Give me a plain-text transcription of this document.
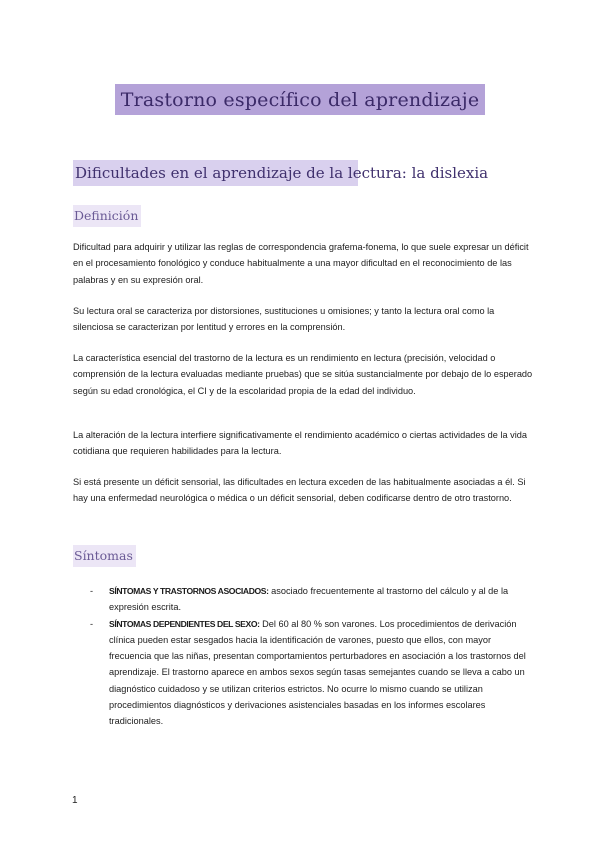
Trastorno específico del aprendizaje
Dificultades en el aprendizaje de la lectura: la dislexia
Definición

Dificultad para adquirir y utilizar las reglas de correspondencia grafema-fonema, lo que suele expresar un déficit en el procesamiento fonológico y conduce habitualmente a una mayor dificultad en el reconocimiento de las palabras y en su expresión oral.

Su lectura oral se caracteriza por distorsiones, sustituciones u omisiones; y tanto la lectura oral como la silenciosa se caracterizan por lentitud y errores en la comprensión.

La característica esencial del trastorno de la lectura es un rendimiento en lectura (precisión, velocidad o comprensión de la lectura evaluadas mediante pruebas) que se sitúa sustancialmente por debajo de lo esperado según su edad cronológica, el CI y de la escolaridad propia de la edad del individuo.

La alteración de la lectura interfiere significativamente el rendimiento académico o ciertas actividades de la vida cotidiana que requieren habilidades para la lectura.

Si está presente un déficit sensorial, las dificultades en lectura exceden de las habitualmente asociadas a él. Si hay una enfermedad neurológica o médica o un déficit sensorial, deben codificarse dentro de otro trastorno.

Síntomas
- SÍNTOMAS Y TRASTORNOS ASOCIADOS: asociado frecuentemente al trastorno del cálculo y al de la expresión escrita.
- SÍNTOMAS DEPENDIENTES DEL SEXO: Del 60 al 80 % son varones. Los procedimientos de derivación clínica pueden estar sesgados hacia la identificación de varones, puesto que ellos, con mayor frecuencia que las niñas, presentan comportamientos perturbadores en asociación a los trastornos del aprendizaje. El trastorno aparece en ambos sexos según tasas semejantes cuando se lleva a cabo un diagnóstico cuidadoso y se utilizan criterios estrictos. No ocurre lo mismo cuando se utilizan procedimientos diagnósticos y derivaciones asistenciales basadas en los informes escolares tradicionales.
1
